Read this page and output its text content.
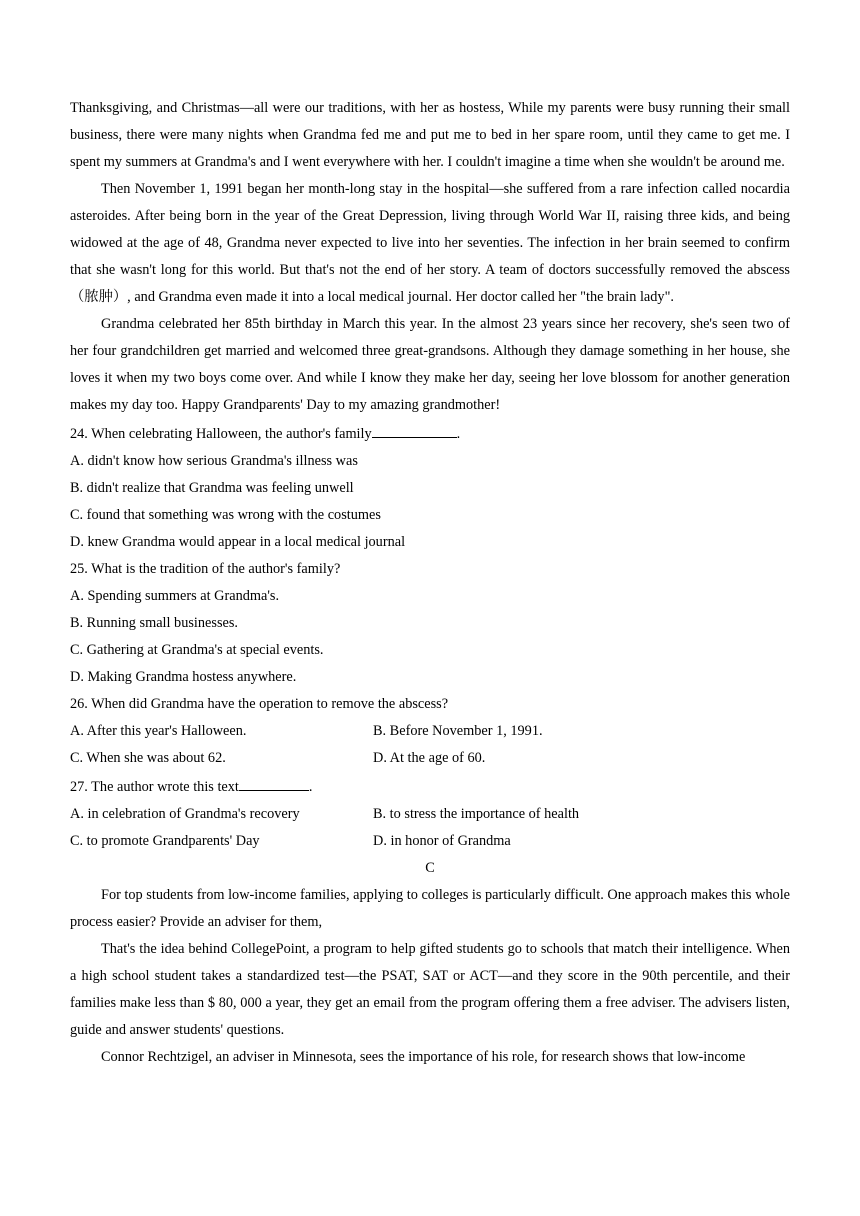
Thanksgiving, and Christmas—all were our traditions, with her as hostess, While my parents were busy running their small business, there were many nights when Grandma fed me and put me to bed in her spare room, until they came to get me. I spent my summers at Grandma's and I went everywhere with her. I couldn't imagine a time when she wouldn't be around me.

Then November 1, 1991 began her month-long stay in the hospital—she suffered from a rare infection called nocardia asteroides. After being born in the year of the Great Depression, living through World War II, raising three kids, and being widowed at the age of 48, Grandma never expected to live into her seventies. The infection in her brain seemed to confirm that she wasn't long for this world. But that's not the end of her story. A team of doctors successfully removed the abscess（脓肿）, and Grandma even made it into a local medical journal. Her doctor called her "the brain lady".

Grandma celebrated her 85th birthday in March this year. In the almost 23 years since her recovery, she's seen two of her four grandchildren get married and welcomed three great-grandsons. Although they damage something in her house, she loves it when my two boys come over. And while I know they make her day, seeing her love blossom for another generation makes my day too. Happy Grandparents' Day to my amazing grandmother!

24. When celebrating Halloween, the author's family	.

A. didn't know how serious Grandma's illness was

B. didn't realize that Grandma was feeling unwell

C. found that something was wrong with the costumes

D. knew Grandma would appear in a local medical journal

25. What is the tradition of the author's family?

A. Spending summers at Grandma's.

B. Running small businesses.

C. Gathering at Grandma's at special events.

D. Making Grandma hostess anywhere.

26. When did Grandma have the operation to remove the abscess?

A. After this year's Halloween.	B. Before November 1, 1991.
C. When she was about 62.	D. At the age of 60.

27. The author wrote this text	.

A. in celebration of Grandma's recovery	B. to stress the importance of health
C. to promote Grandparents' Day	D. in honor of Grandma

C

For top students from low-income families, applying to colleges is particularly difficult. One approach makes this whole process easier? Provide an adviser for them,

That's the idea behind CollegePoint, a program to help gifted students go to schools that match their intelligence. When a high school student takes a standardized test—the PSAT, SAT or ACT—and they score in the 90th percentile, and their families make less than $ 80, 000 a year, they get an email from the program offering them a free adviser. The advisers listen, guide and answer students' questions.

Connor Rechtzigel, an adviser in Minnesota, sees the importance of his role, for research shows that low-income
